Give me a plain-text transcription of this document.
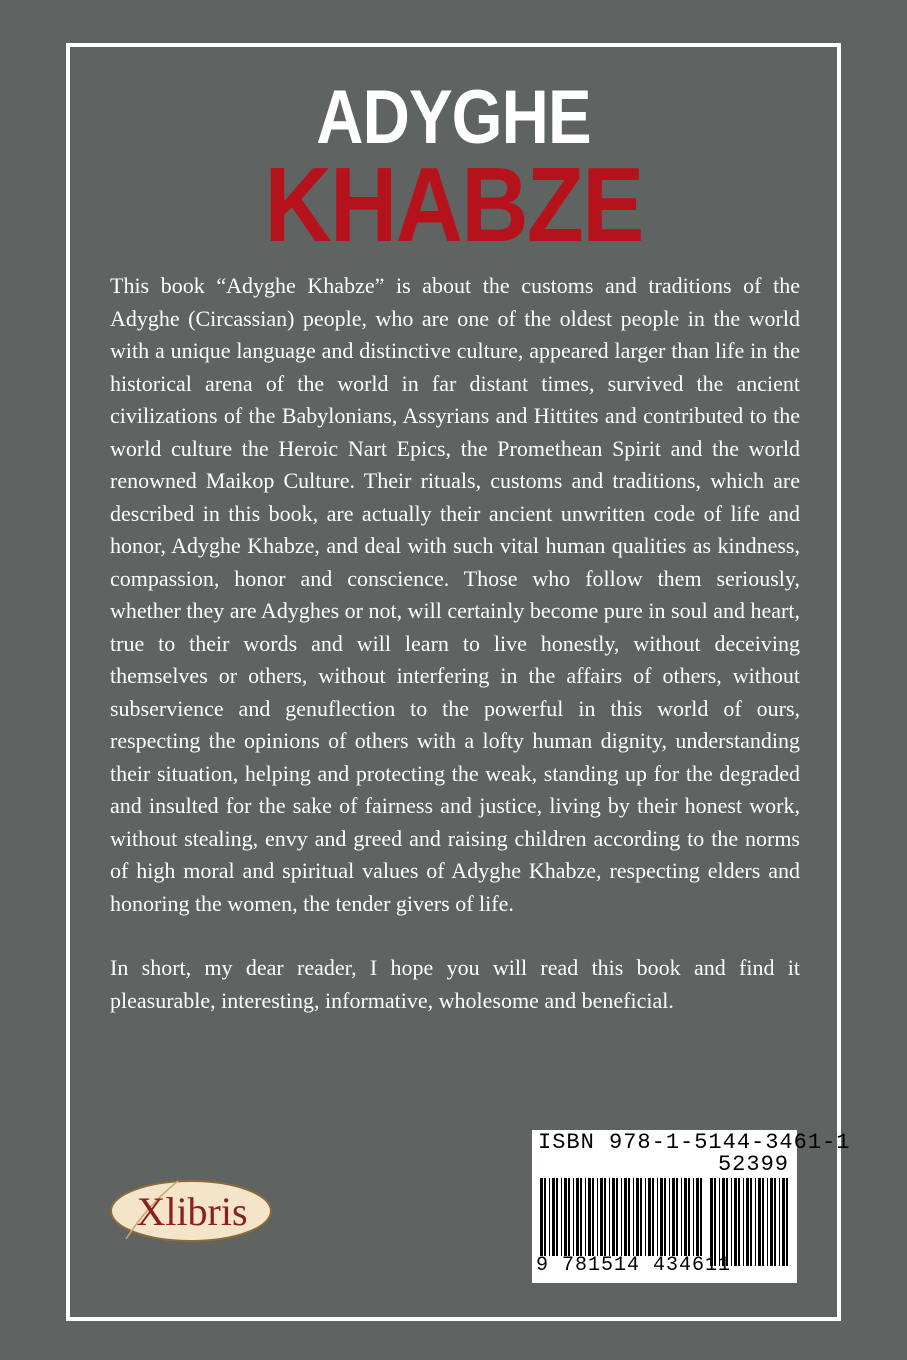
ADYGHE
KHABZE

This book “Adyghe Khabze” is about the customs and traditions of the Adyghe (Circassian) people, who are one of the oldest people in the world with a unique language and distinctive culture, appeared larger than life in the historical arena of the world in far distant times, survived the ancient civilizations of the Babylonians, Assyrians and Hittites and contributed to the world culture the Heroic Nart Epics, the Promethean Spirit and the world renowned Maikop Culture. Their rituals, customs and traditions, which are described in this book, are actually their ancient unwritten code of life and honor, Adyghe Khabze, and deal with such vital human qualities as kindness, compassion, honor and conscience. Those who follow them seriously, whether they are Adyghes or not, will certainly become pure in soul and heart, true to their words and will learn to live honestly, without deceiving themselves or others, without interfering in the affairs of others, without subservience and genuflection to the powerful in this world of ours, respecting the opinions of others with a lofty human dignity, understanding their situation, helping and protecting the weak, standing up for the degraded and insulted for the sake of fairness and justice, living by their honest work, without stealing, envy and greed and raising children according to the norms of high moral and spiritual values of Adyghe Khabze, respecting elders and honoring the women, the tender givers of life.

In short, my dear reader, I hope you will read this book and find it pleasurable, interesting, informative, wholesome and beneficial.

Xlibris
ISBN 978-1-5144-3461-1
52399
9 781514 434611
